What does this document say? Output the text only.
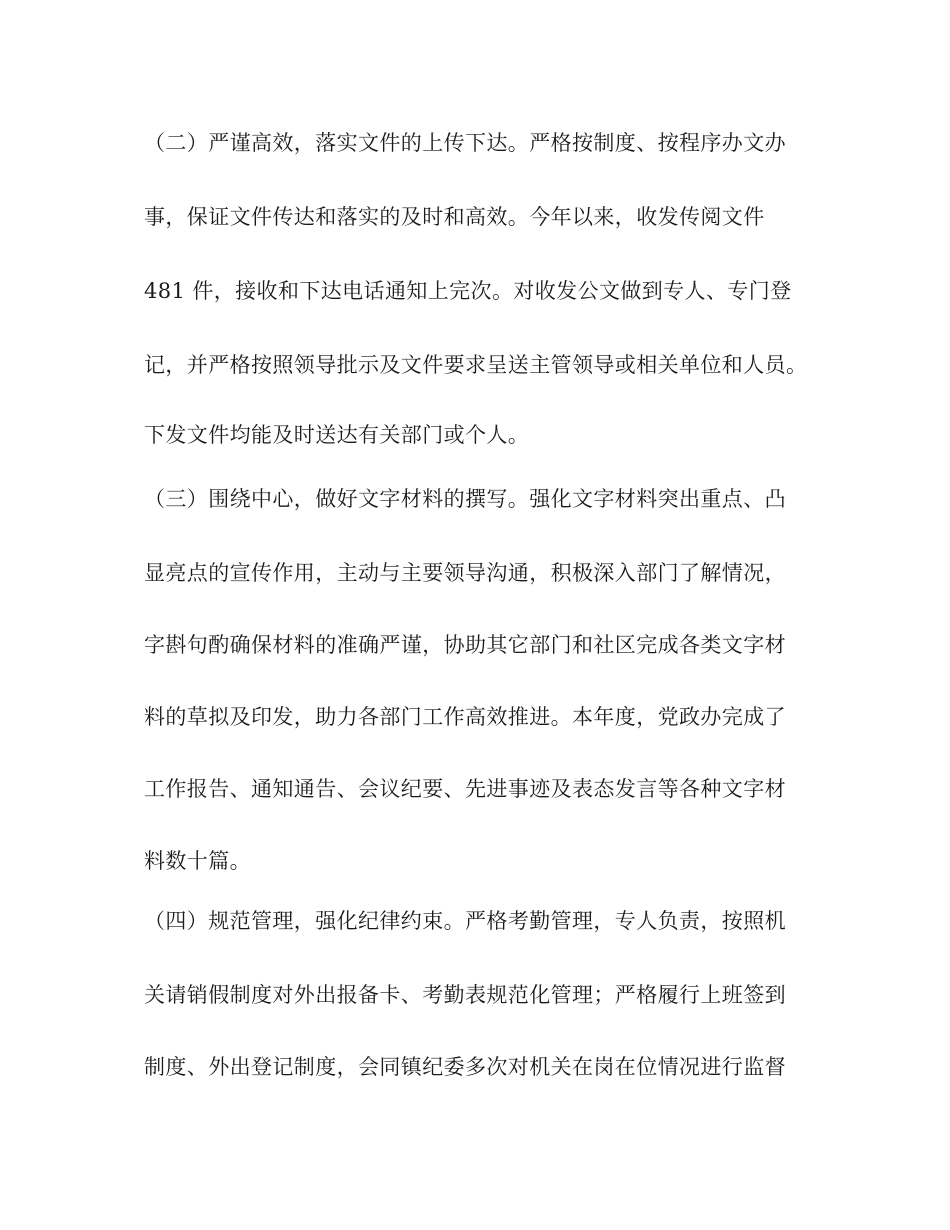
（二）严谨高效，落实文件的上传下达。严格按制度、按程序办文办
事，保证文件传达和落实的及时和高效。今年以来，收发传阅文件
481 件，接收和下达电话通知上完次。对收发公文做到专人、专门登
记，并严格按照领导批示及文件要求呈送主管领导或相关单位和人员。
下发文件均能及时送达有关部门或个人。
（三）围绕中心，做好文字材料的撰写。强化文字材料突出重点、凸
显亮点的宣传作用，主动与主要领导沟通，积极深入部门了解情况，
字斟句酌确保材料的准确严谨，协助其它部门和社区完成各类文字材
料的草拟及印发，助力各部门工作高效推进。本年度，党政办完成了
工作报告、通知通告、会议纪要、先进事迹及表态发言等各种文字材
料数十篇。
（四）规范管理，强化纪律约束。严格考勤管理，专人负责，按照机
关请销假制度对外出报备卡、考勤表规范化管理；严格履行上班签到
制度、外出登记制度，会同镇纪委多次对机关在岗在位情况进行监督
